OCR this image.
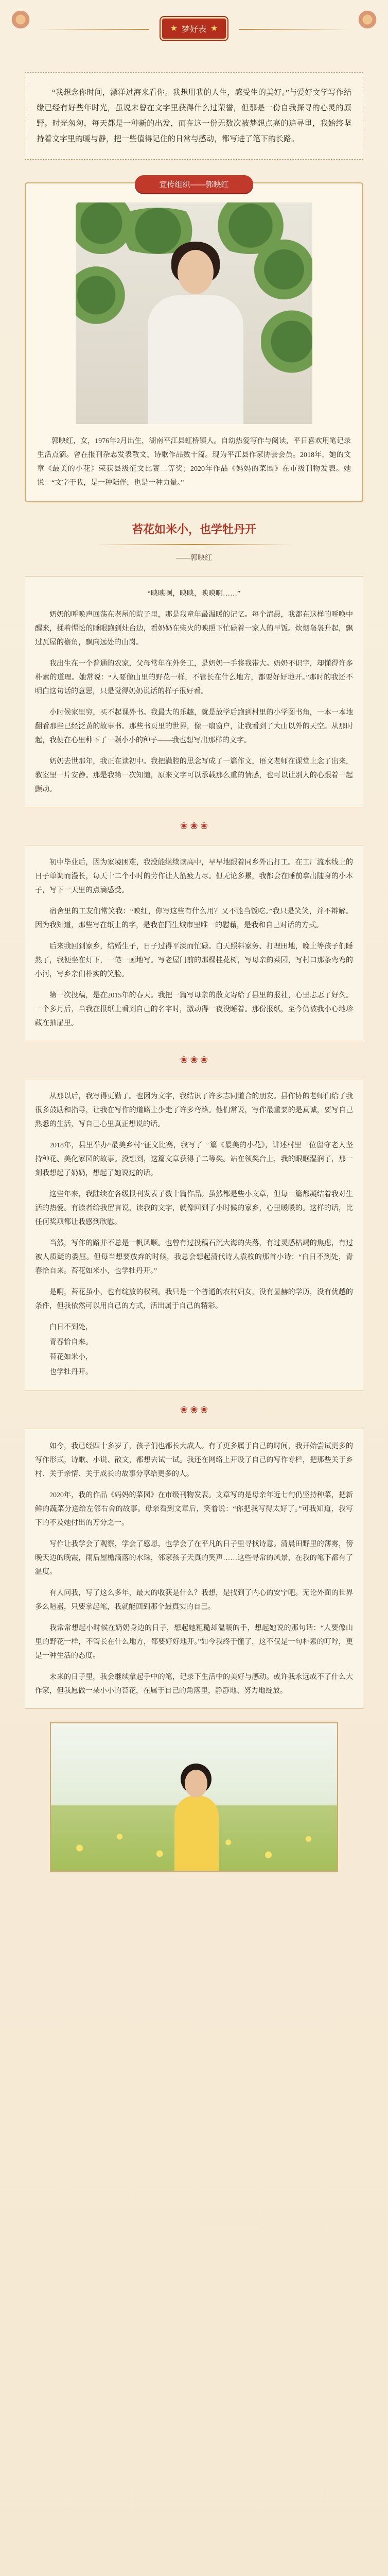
★ 梦好表 ★
“我想念你时间，漂洋过海来看你。我想用我的人生，感受生的美好。”与爱好文学写作结缘已经有好些年时光，虽说未曾在文字里获得什么过荣誉，但那是一份自我探寻的心灵的原野。时光匆匆，每天都是一种新的出发，而在这一份无数次被梦想点亮的追寻里，我始终坚持着文字里的暖与静，把一些值得记住的日常与感动，都写进了笔下的长路。
宣传组织——郭映红
郭映红，女，1976年2月出生，湖南平江县虹桥镇人。自幼热爱写作与阅读，平日喜欢用笔记录生活点滴。曾在报刊杂志发表散文、诗歌作品数十篇。现为平江县作家协会会员。2018年，她的文章《最美的小花》荣获县级征文比赛二等奖；2020年作品《妈妈的菜园》在市级刊物发表。她说：“文字于我，是一种陪伴，也是一种力量。”
苔花如米小，也学牡丹开
——郭映红

“映映啊，映映，映映啊……”

奶奶的呼唤声回荡在老屋的院子里，那是我童年最温暖的记忆。每个清晨，我都在这样的呼唤中醒来，揉着惺忪的睡眼跑到灶台边，看奶奶在柴火的映照下忙碌着一家人的早饭。炊烟袅袅升起，飘过瓦屋的檐角，飘向远处的山岗。

我出生在一个普通的农家，父母常年在外务工，是奶奶一手将我带大。奶奶不识字，却懂得许多朴素的道理。她常说：“人要像山里的野花一样，不管长在什么地方，都要好好地开。”那时的我还不明白这句话的意思，只是觉得奶奶说话的样子很好看。

小时候家里穷，买不起课外书。我最大的乐趣，就是放学后跑到村里的小学图书角，一本一本地翻看那些已经泛黄的故事书。那些书页里的世界，像一扇窗户，让我看到了大山以外的天空。从那时起，我便在心里种下了一颗小小的种子——我也想写出那样的文字。

奶奶去世那年，我正在读初中。我把满腔的思念写成了一篇作文，语文老师在课堂上念了出来，教室里一片安静。那是我第一次知道，原来文字可以承载那么重的情感，也可以让别人的心跟着一起颤动。

❀ ❀ ❀

初中毕业后，因为家境困难，我没能继续读高中，早早地跟着同乡外出打工。在工厂流水线上的日子单调而漫长，每天十二个小时的劳作让人筋疲力尽。但无论多累，我都会在睡前拿出随身的小本子，写下一天里的点滴感受。

宿舍里的工友们常笑我：“映红，你写这些有什么用？又不能当饭吃。”我只是笑笑，并不辩解。因为我知道，那些写在纸上的字，是我在陌生城市里唯一的慰藉，是我和自己对话的方式。

后来我回到家乡，结婚生子，日子过得平淡而忙碌。白天照料家务、打理田地，晚上等孩子们睡熟了，我便坐在灯下，一笔一画地写。写老屋门前的那棵桂花树，写母亲的菜园，写村口那条弯弯的小河，写乡亲们朴实的笑脸。

第一次投稿，是在2015年的春天。我把一篇写母亲的散文寄给了县里的报社，心里忐忑了好久。一个多月后，当我在报纸上看到自己的名字时，激动得一夜没睡着。那份报纸，至今仍被我小心地珍藏在抽屉里。

❀ ❀ ❀

从那以后，我写得更勤了。也因为文字，我结识了许多志同道合的朋友。县作协的老师们给了我很多鼓励和指导，让我在写作的道路上少走了许多弯路。他们常说，写作最重要的是真诚，要写自己熟悉的生活，写自己心里真正想说的话。

2018年，县里举办“最美乡村”征文比赛，我写了一篇《最美的小花》，讲述村里一位留守老人坚持种花、美化家园的故事。没想到，这篇文章获得了二等奖。站在领奖台上，我的眼眶湿润了，那一刻我想起了奶奶，想起了她说过的话。

这些年来，我陆续在各级报刊发表了数十篇作品。虽然都是些小文章，但每一篇都凝结着我对生活的热爱。有读者给我留言说，读我的文字，就像回到了小时候的家乡，心里暖暖的。这样的话，比任何奖项都让我感到欣慰。

当然，写作的路并不总是一帆风顺。也曾有过投稿石沉大海的失落，有过灵感枯竭的焦虑，有过被人质疑的委屈。但每当想要放弃的时候，我总会想起清代诗人袁枚的那首小诗：“白日不到处，青春恰自来。苔花如米小，也学牡丹开。”

是啊，苔花虽小，也有绽放的权利。我只是一个普通的农村妇女，没有显赫的学历，没有优越的条件，但我依然可以用自己的方式，活出属于自己的精彩。

白日不到处，

青春恰自来。

苔花如米小，

也学牡丹开。

❀ ❀ ❀

如今，我已经四十多岁了，孩子们也都长大成人。有了更多属于自己的时间，我开始尝试更多的写作形式，诗歌、小说、散文，都想去试一试。我还在网络上开设了自己的写作专栏，把那些关于乡村、关于亲情、关于成长的故事分享给更多的人。

2020年，我的作品《妈妈的菜园》在市级刊物发表。文章写的是母亲年近七旬仍坚持种菜，把新鲜的蔬菜分送给左邻右舍的故事。母亲看到文章后，笑着说：“你把我写得太好了。”可我知道，我写下的不及她付出的万分之一。

写作让我学会了观察，学会了感恩，也学会了在平凡的日子里寻找诗意。清晨田野里的薄雾，傍晚天边的晚霞，雨后屋檐滴落的水珠，邻家孩子天真的笑声……这些寻常的风景，在我的笔下都有了温度。

有人问我，写了这么多年，最大的收获是什么？我想，是找到了内心的安宁吧。无论外面的世界多么喧嚣，只要拿起笔，我就能回到那个最真实的自己。

我常常想起小时候在奶奶身边的日子，想起她粗糙却温暖的手，想起她说的那句话：“人要像山里的野花一样，不管长在什么地方，都要好好地开。”如今我终于懂了，这不仅是一句朴素的叮咛，更是一种生活的态度。

未来的日子里，我会继续拿起手中的笔，记录下生活中的美好与感动。或许我永远成不了什么大作家，但我愿做一朵小小的苔花，在属于自己的角落里，静静地、努力地绽放。
